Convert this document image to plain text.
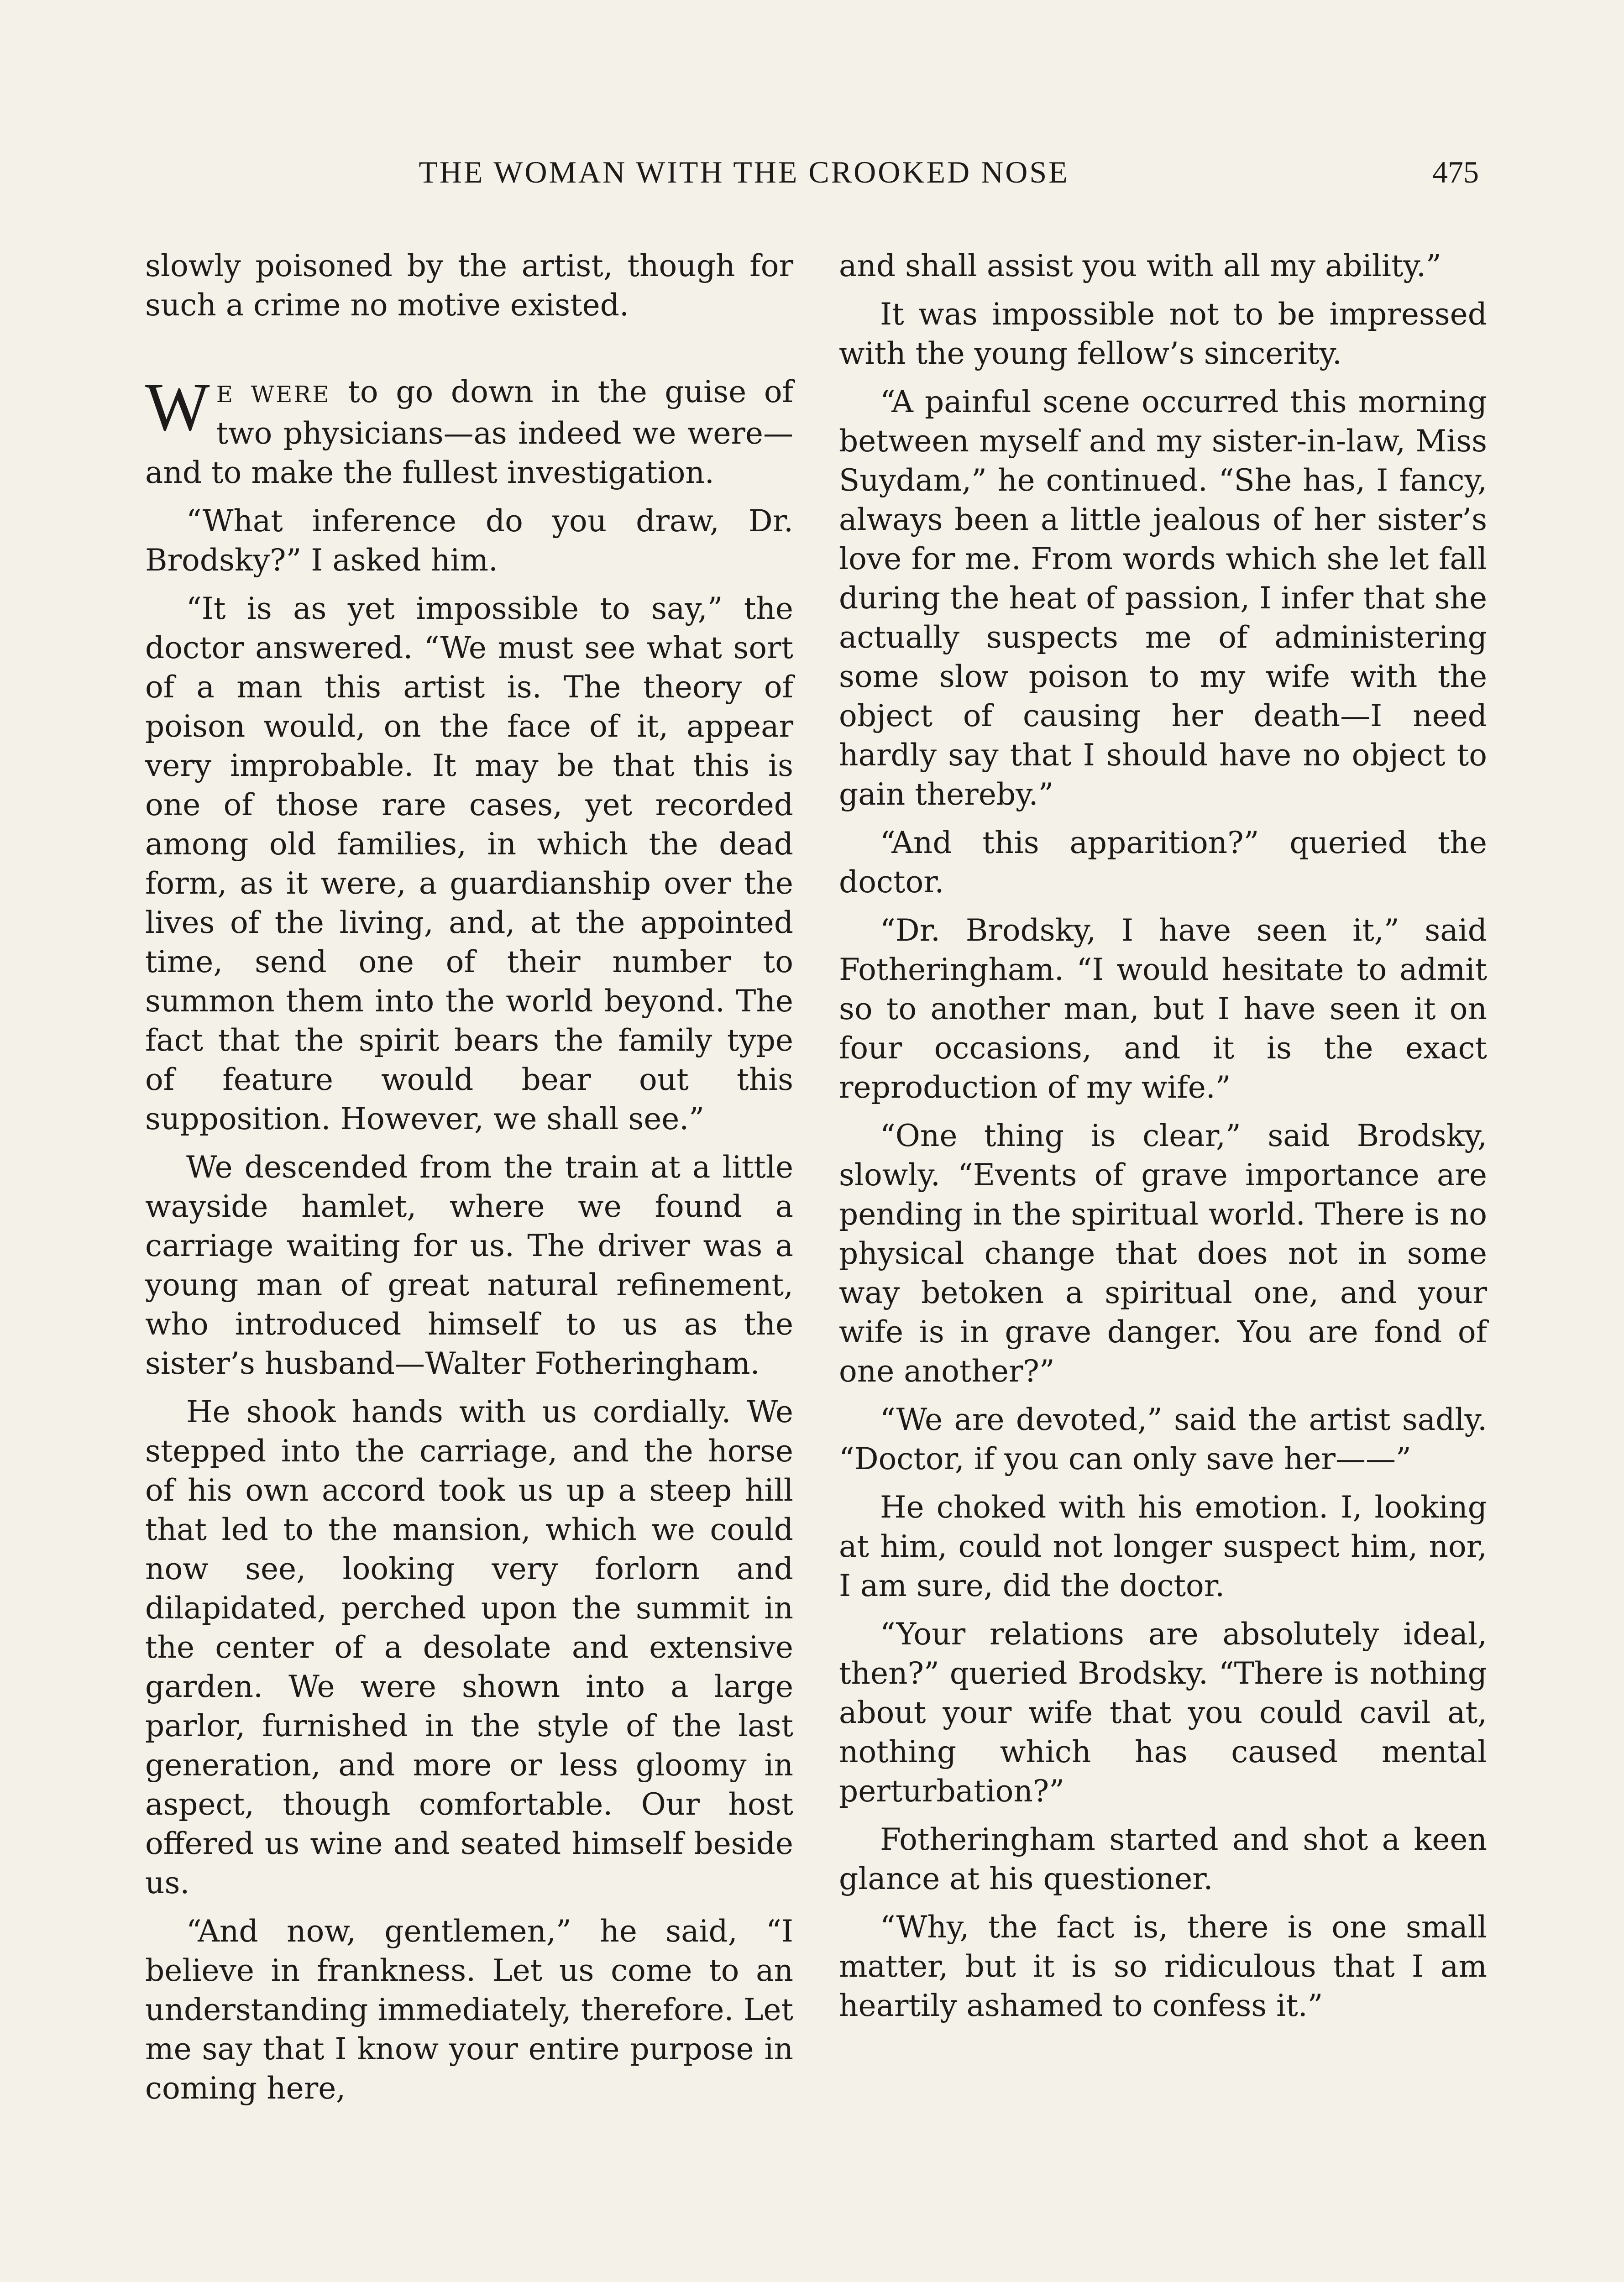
THE WOMAN WITH THE CROOKED NOSE	475

slowly poisoned by the artist, though for such a crime no motive existed.

W E WERE to go down in the guise of two physicians—as indeed we were—and to make the fullest investigation.

“What inference do you draw, Dr. Brodsky?” I asked him.

“It is as yet impossible to say,” the doctor answered. “We must see what sort of a man this artist is. The theory of poison would, on the face of it, appear very improbable. It may be that this is one of those rare cases, yet recorded among old families, in which the dead form, as it were, a guardianship over the lives of the living, and, at the appointed time, send one of their number to summon them into the world beyond. The fact that the spirit bears the family type of feature would bear out this supposition. However, we shall see.”

We descended from the train at a little wayside hamlet, where we found a carriage waiting for us. The driver was a young man of great natural refinement, who introduced himself to us as the sister’s husband—Walter Fotheringham.

He shook hands with us cordially. We stepped into the carriage, and the horse of his own accord took us up a steep hill that led to the mansion, which we could now see, looking very forlorn and dilapidated, perched upon the summit in the center of a desolate and extensive garden. We were shown into a large parlor, furnished in the style of the last generation, and more or less gloomy in aspect, though comfortable. Our host offered us wine and seated himself beside us.

“And now, gentlemen,” he said, “I believe in frankness. Let us come to an understanding immediately, therefore. Let me say that I know your entire purpose in coming here,

and shall assist you with all my ability.”

It was impossible not to be impressed with the young fellow’s sincerity.

“A painful scene occurred this morning between myself and my sister-in-law, Miss Suydam,” he continued. “She has, I fancy, always been a little jealous of her sister’s love for me. From words which she let fall during the heat of passion, I infer that she actually suspects me of administering some slow poison to my wife with the object of causing her death—I need hardly say that I should have no object to gain thereby.”

“And this apparition?” queried the doctor.

“Dr. Brodsky, I have seen it,” said Fotheringham. “I would hesitate to admit so to another man, but I have seen it on four occasions, and it is the exact reproduction of my wife.”

“One thing is clear,” said Brodsky, slowly. “Events of grave importance are pending in the spiritual world. There is no physical change that does not in some way betoken a spiritual one, and your wife is in grave danger. You are fond of one another?”

“We are devoted,” said the artist sadly. “Doctor, if you can only save her——”

He choked with his emotion. I, looking at him, could not longer suspect him, nor, I am sure, did the doctor.

“Your relations are absolutely ideal, then?” queried Brodsky. “There is nothing about your wife that you could cavil at, nothing which has caused mental perturbation?”

Fotheringham started and shot a keen glance at his questioner.

“Why, the fact is, there is one small matter, but it is so ridiculous that I am heartily ashamed to confess it.”
